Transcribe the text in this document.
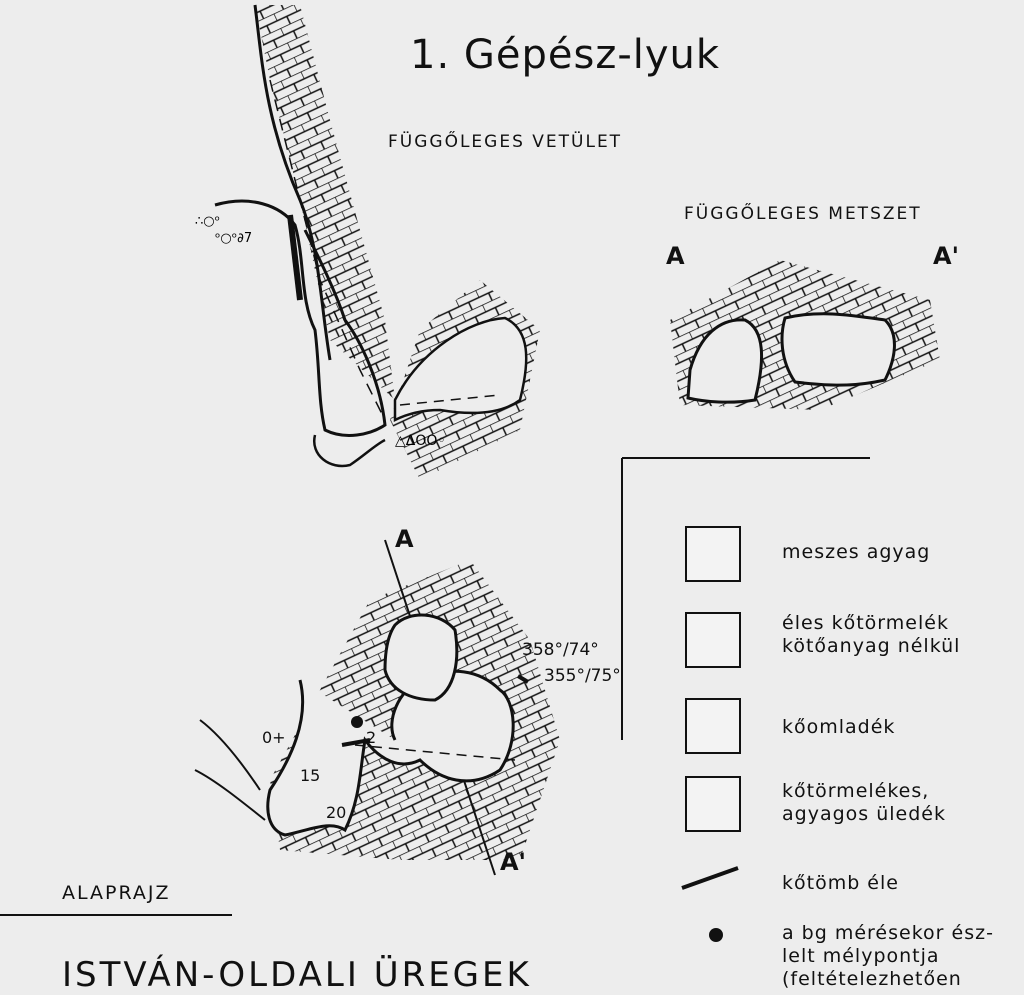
△ΔOO◦
∴○ᵒ
ᵒ○ᵒ∂7
1. Gépész-lyuk
FÜGGŐLEGES VETÜLET
FÜGGŐLEGES METSZET
A	A'
A
A'
358°/74°
355°/75°
0+	2
15
20
ALAPRAJZ
ISTVÁN-OLDALI ÜREGEK
meszes agyag
éles kőtörmelék kötőanyag nélkül
kőomladék
kőtörmelékes, agyagos üledék
kőtömb éle
a bg mérésekor ész-lelt mélypontja (feltételezhetően
